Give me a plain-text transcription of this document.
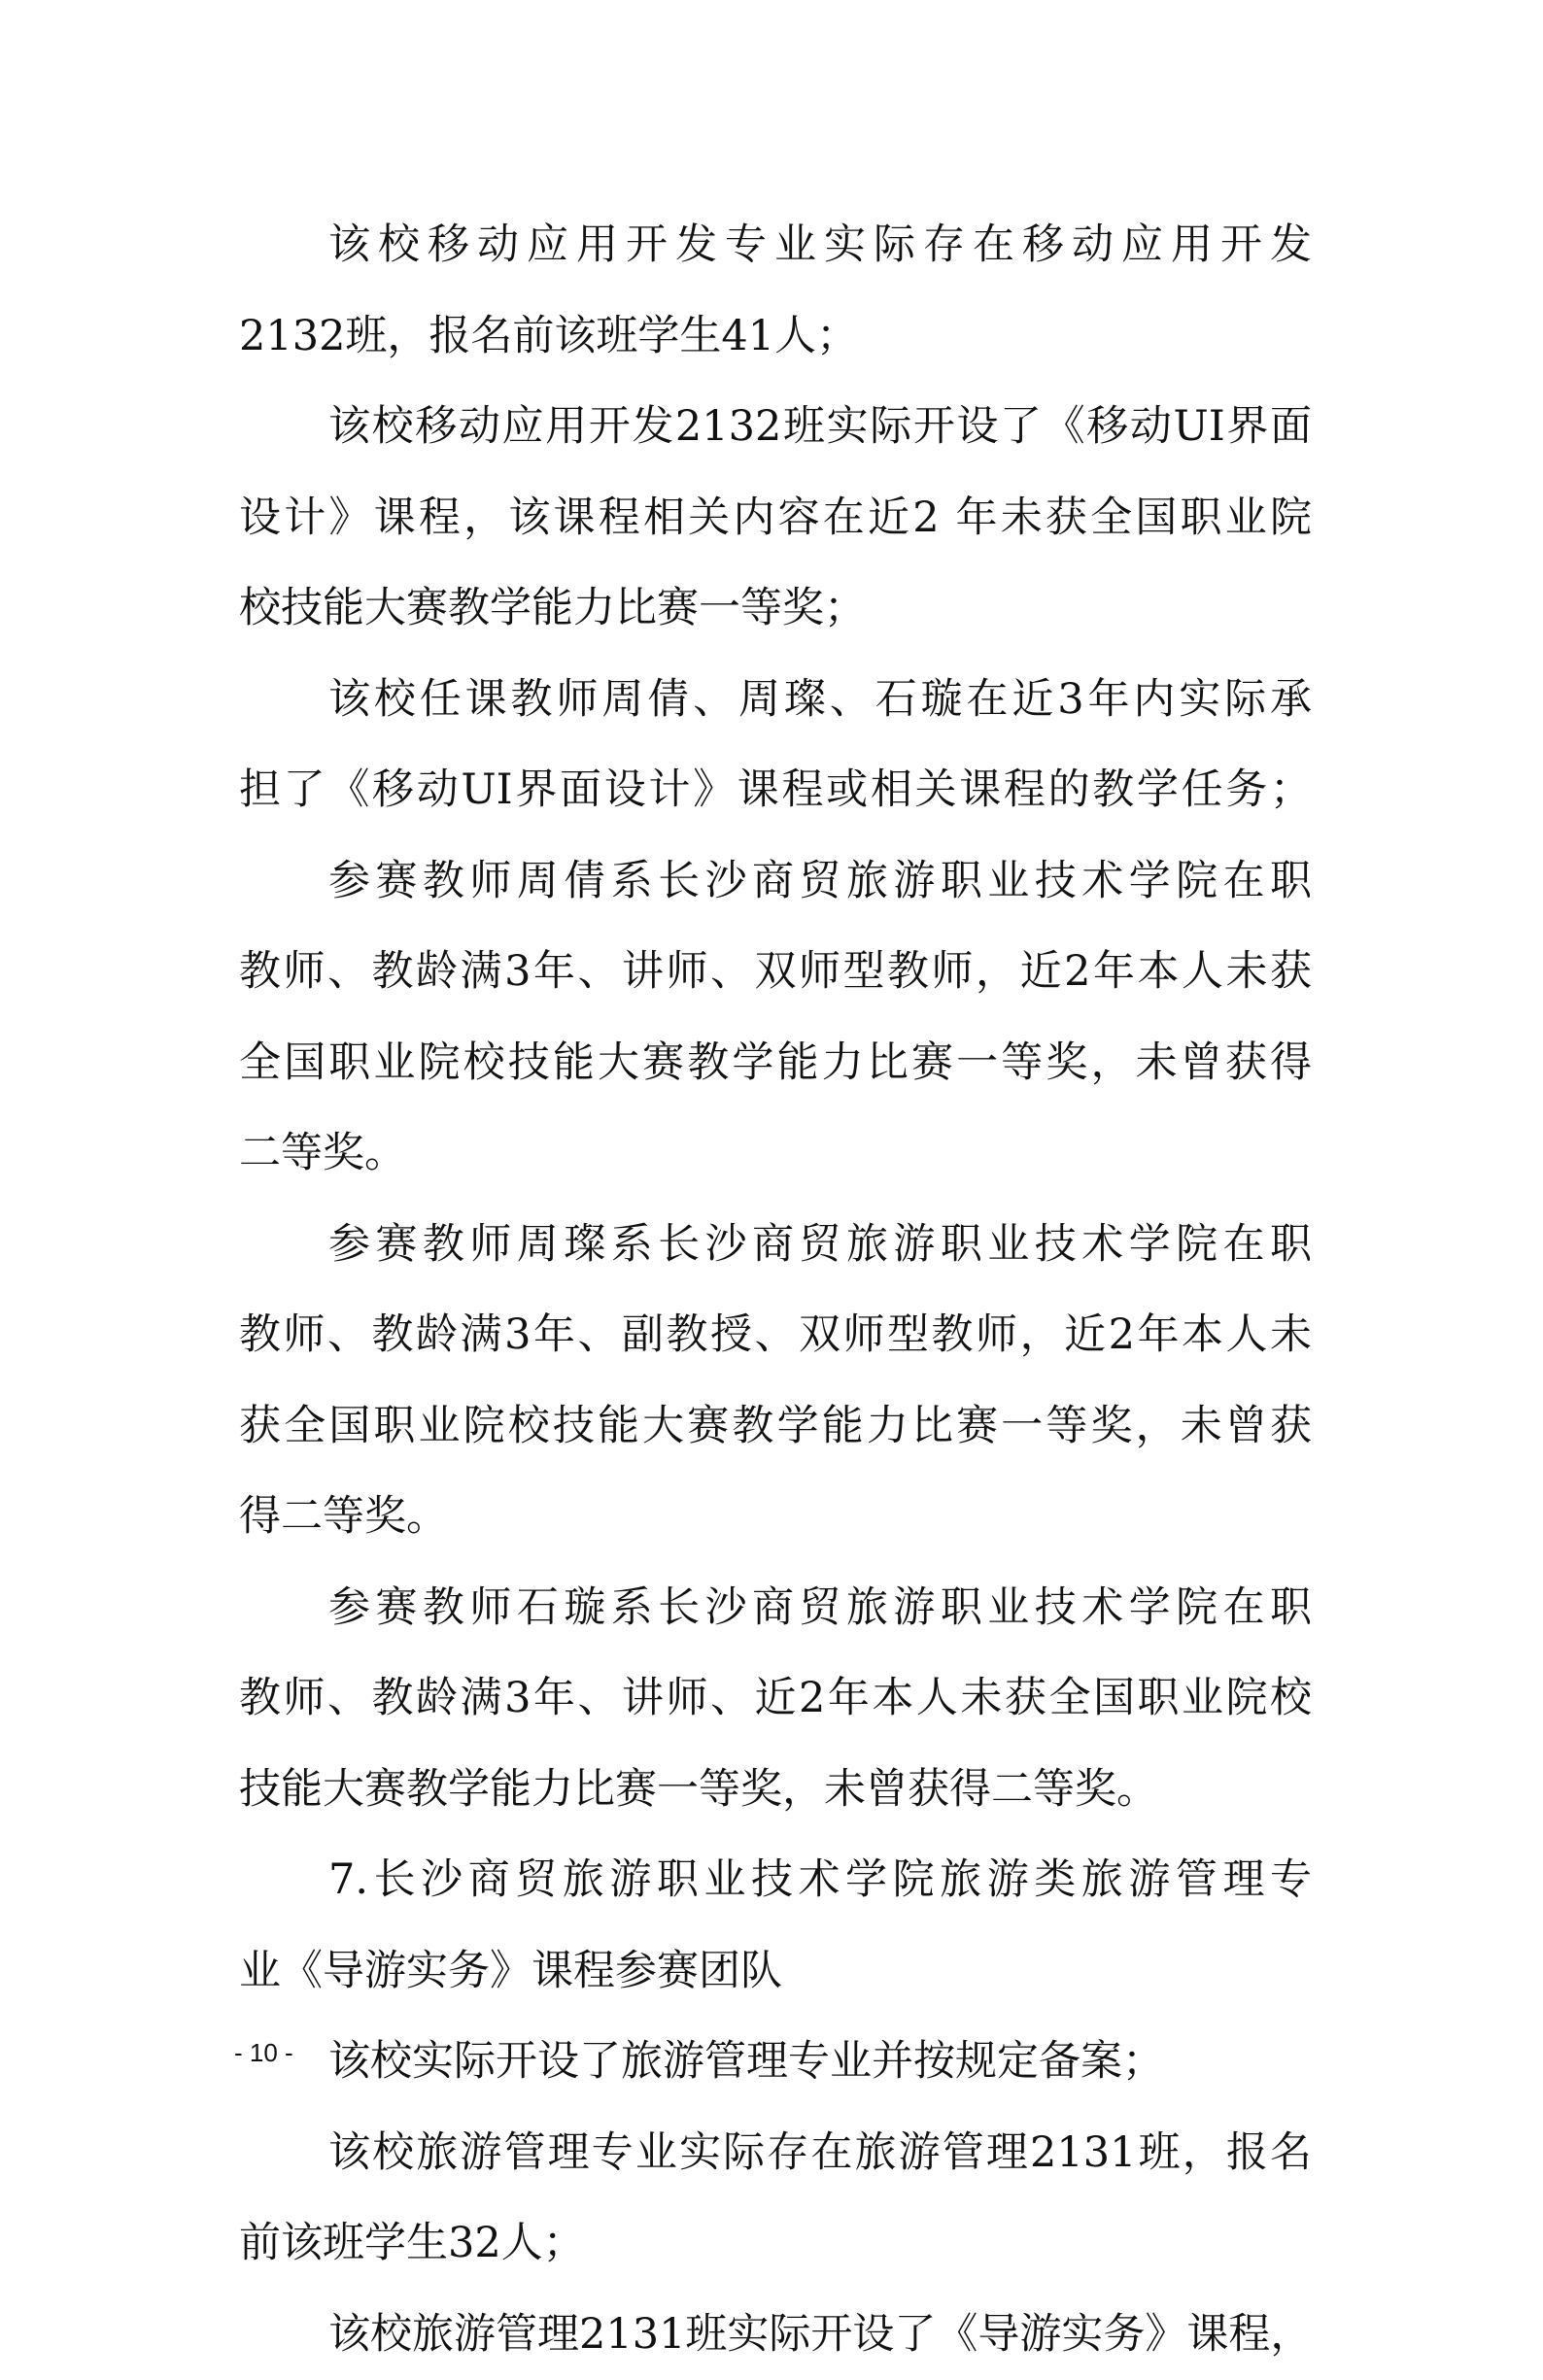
该校移动应用开发专业实际存在移动应用开发
2132班，报名前该班学生41人；
该校移动应用开发2132班实际开设了《移动UI界面
设计》课程，该课程相关内容在近2 年未获全国职业院
校技能大赛教学能力比赛一等奖；
该校任课教师周倩、周璨、石璇在近3年内实际承
担了《移动UI界面设计》课程或相关课程的教学任务；
参赛教师周倩系长沙商贸旅游职业技术学院在职
教师、教龄满3年、讲师、双师型教师，近2年本人未获
全国职业院校技能大赛教学能力比赛一等奖，未曾获得
二等奖。
参赛教师周璨系长沙商贸旅游职业技术学院在职
教师、教龄满3年、副教授、双师型教师，近2年本人未
获全国职业院校技能大赛教学能力比赛一等奖，未曾获
得二等奖。
参赛教师石璇系长沙商贸旅游职业技术学院在职
教师、教龄满3年、讲师、近2年本人未获全国职业院校
技能大赛教学能力比赛一等奖，未曾获得二等奖。
7.长沙商贸旅游职业技术学院旅游类旅游管理专
业《导游实务》课程参赛团队
该校实际开设了旅游管理专业并按规定备案；
该校旅游管理专业实际存在旅游管理2131班，报名
前该班学生32人；
该校旅游管理2131班实际开设了《导游实务》课程，
- 10 -
